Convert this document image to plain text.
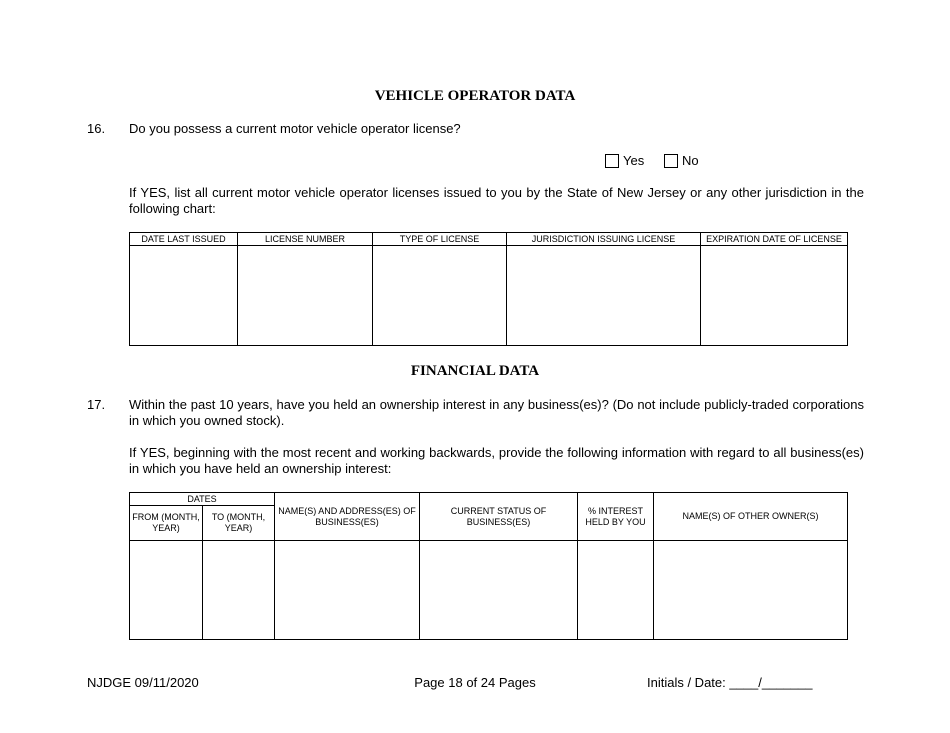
VEHICLE OPERATOR DATA
16. Do you possess a current motor vehicle operator license?
Yes	No
If YES, list all current motor vehicle operator licenses issued to you by the State of New Jersey or any other jurisdiction in the following chart:
DATE LAST ISSUED	LICENSE NUMBER	TYPE OF LICENSE	JURISDICTION ISSUING LICENSE	EXPIRATION DATE OF LICENSE

FINANCIAL DATA
17. Within the past 10 years, have you held an ownership interest in any business(es)? (Do not include publicly-traded corporations in which you owned stock).
If YES, beginning with the most recent and working backwards, provide the following information with regard to all business(es) in which you have held an ownership interest:
DATES		NAME(S) AND ADDRESS(ES) OF BUSINESS(ES)	CURRENT STATUS OF BUSINESS(ES)	% INTEREST HELD BY YOU	NAME(S) OF OTHER OWNER(S)
FROM (MONTH, YEAR)	TO (MONTH, YEAR)				

NJDGE 09/11/2020	Page 18 of 24 Pages	Initials / Date: ____/_______
